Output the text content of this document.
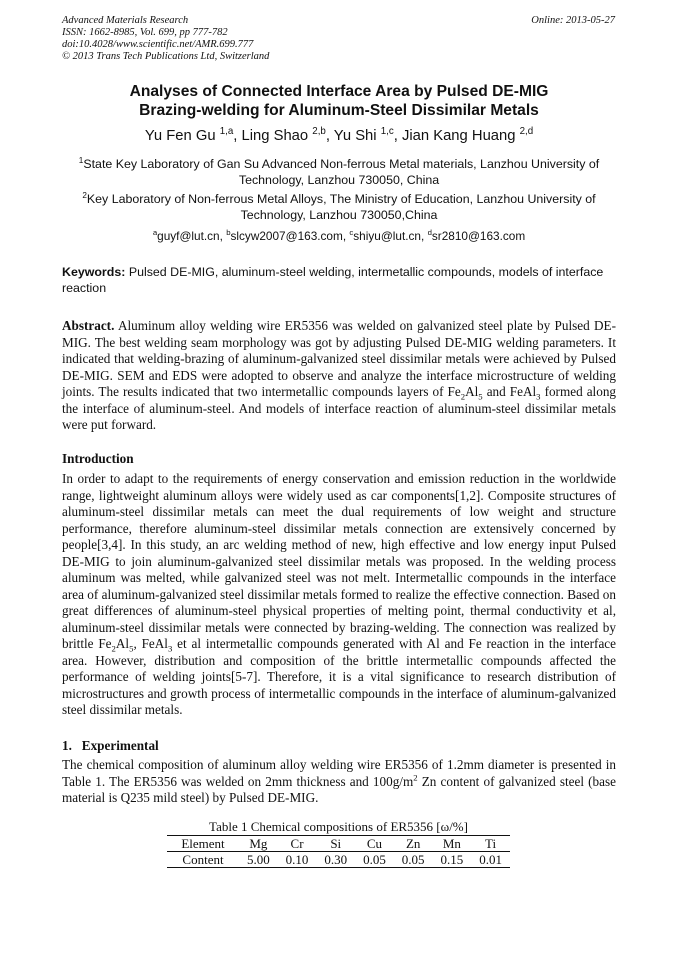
Advanced Materials Research
ISSN: 1662-8985, Vol. 699, pp 777-782
doi:10.4028/www.scientific.net/AMR.699.777
© 2013 Trans Tech Publications Ltd, Switzerland
Online: 2013-05-27
Analyses of Connected Interface Area by Pulsed DE-MIG
Brazing-welding for Aluminum-Steel Dissimilar Metals
Yu Fen Gu $^{1,a}$, Ling Shao $^{2,b}$, Yu Shi $^{1,c}$, Jian Kang Huang $^{2,d}$
$^1$State Key Laboratory of Gan Su Advanced Non-ferrous Metal materials, Lanzhou University of
Technology, Lanzhou 730050, China
$^2$Key Laboratory of Non-ferrous Metal Alloys, The Ministry of Education, Lanzhou University of
Technology, Lanzhou 730050,China
$^a$guyf@lut.cn, $^b$slcyw2007@163.com, $^c$shiyu@lut.cn, $^d$sr2810@163.com
Keywords: Pulsed DE-MIG, aluminum-steel welding, intermetallic compounds, models of interface reaction
Abstract. Aluminum alloy welding wire ER5356 was welded on galvanized steel plate by Pulsed DE-MIG. The best welding seam morphology was got by adjusting Pulsed DE-MIG welding parameters. It indicated that welding-brazing of aluminum-galvanized steel dissimilar metals were achieved by Pulsed DE-MIG. SEM and EDS were adopted to observe and analyze the interface microstructure of welding joints. The results indicated that two intermetallic compounds layers of $Fe_2Al_5$ and FeAl$_3$ formed along the interface of aluminum-steel. And models of interface reaction of aluminum-steel dissimilar metals were put forward.
Introduction
In order to adapt to the requirements of energy conservation and emission reduction in the worldwide range, lightweight aluminum alloys were widely used as car components[1,2]. Composite structures of aluminum-steel dissimilar metals can meet the dual requirements of low weight and structure performance, therefore aluminum-steel dissimilar metals connection are extensively concerned by people[3,4]. In this study, an arc welding method of new, high effective and low energy input Pulsed DE-MIG to join aluminum-galvanized steel dissimilar metals was proposed. In the welding process aluminum was melted, while galvanized steel was not melt. Intermetallic compounds in the interface area of aluminum-galvanized steel dissimilar metals formed to realize the effective connection. Based on great differences of aluminum-steel physical properties of melting point, thermal conductivity et al, aluminum-steel dissimilar metals were connected by brazing-welding. The connection was realized by brittle $Fe_2Al_5$, FeAl$_3$ et al intermetallic compounds generated with Al and Fe reaction in the interface area. However, distribution and composition of the brittle intermetallic compounds affected the performance of welding joints[5-7]. Therefore, it is a vital significance to research distribution of microstructures and growth process of intermetallic compounds in the interface of aluminum-galvanized steel dissimilar metals.
1.   Experimental
The chemical composition of aluminum alloy welding wire ER5356 of 1.2mm diameter is presented in Table 1. The ER5356 was welded on 2mm thickness and $100g/m^2$ Zn content of galvanized steel (base material is Q235 mild steel) by Pulsed DE-MIG.
Table 1 Chemical compositions of ER5356 [ω/%]
Element	Mg	Cr	Si	Cu	Zn	Mn	Ti
Content	5.00	0.10	0.30	0.05	0.05	0.15	0.01
